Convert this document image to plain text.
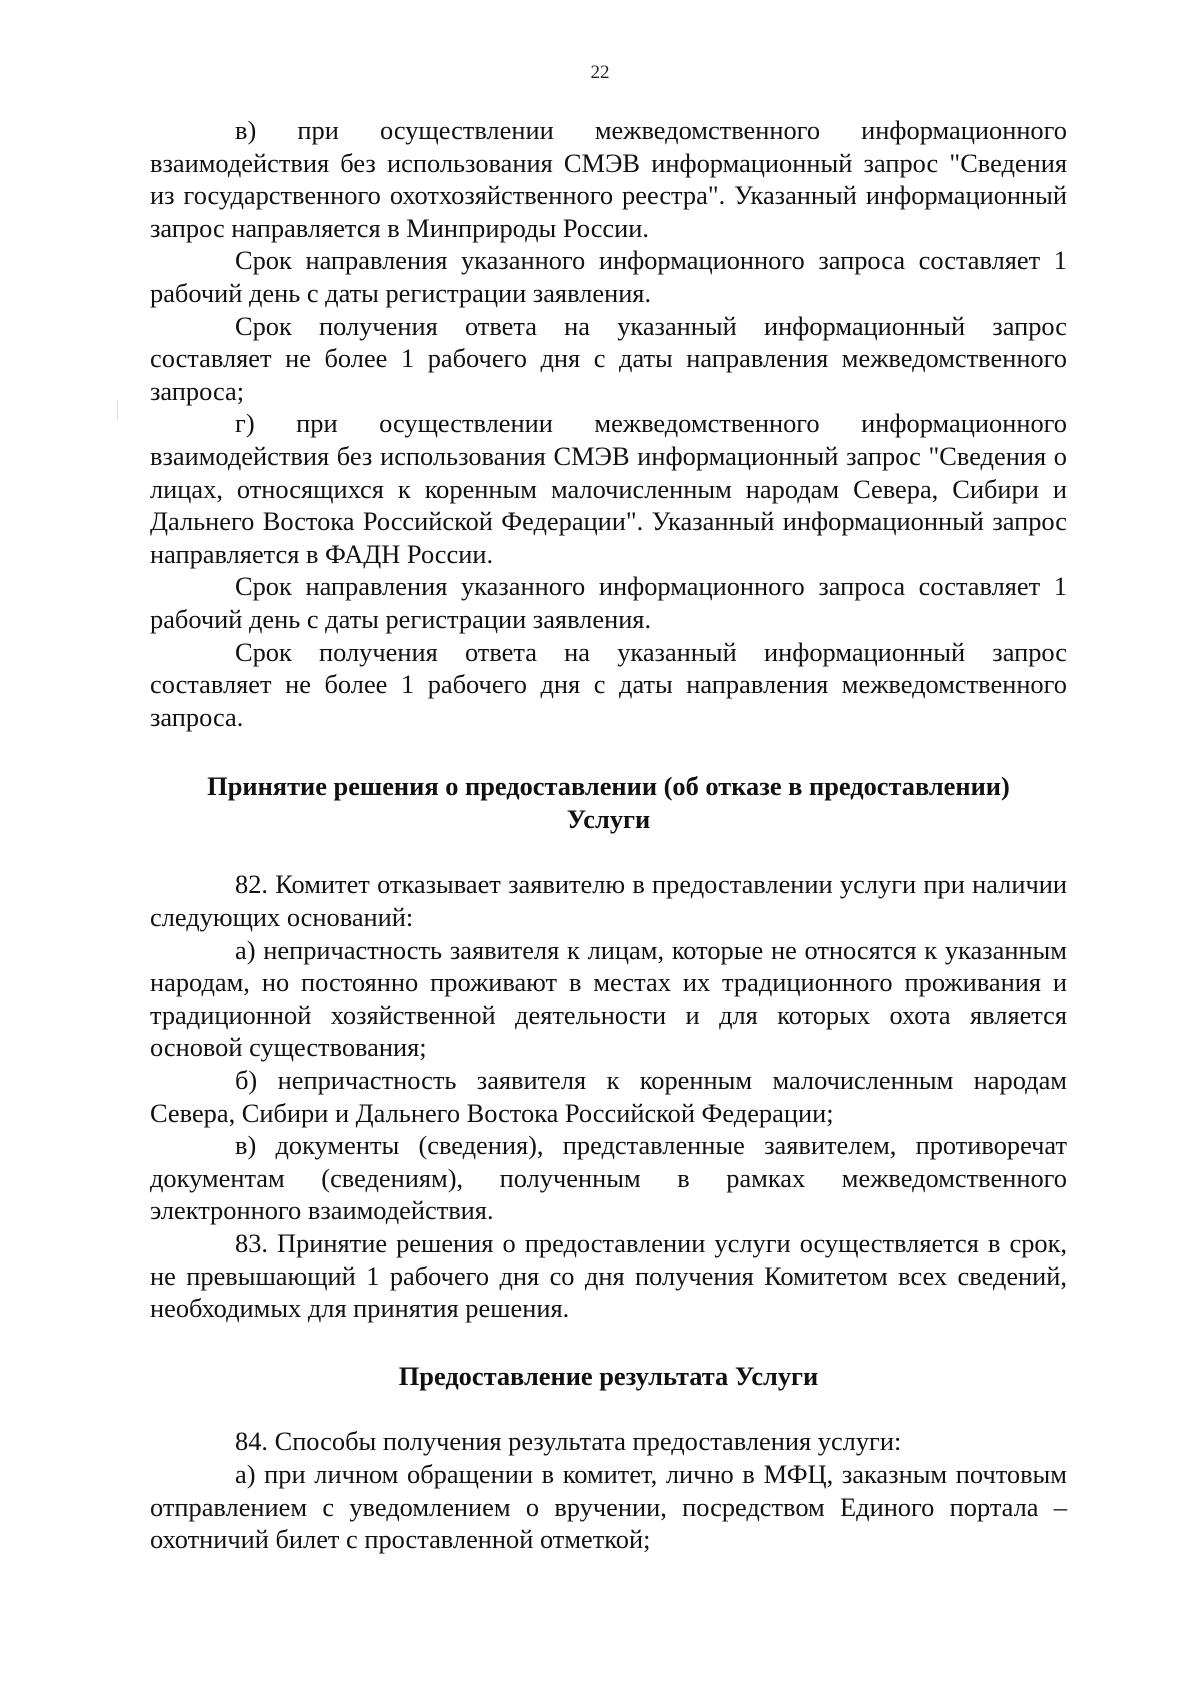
22

в) при осуществлении межведомственного информационного взаимодействия без использования СМЭВ информационный запрос "Сведения из государственного охотхозяйственного реестра". Указанный информационный запрос направляется в Минприроды России.

Срок направления указанного информационного запроса составляет 1 рабочий день с даты регистрации заявления.

Срок получения ответа на указанный информационный запрос составляет не более 1 рабочего дня с даты направления межведомственного запроса;

г) при осуществлении межведомственного информационного взаимодействия без использования СМЭВ информационный запрос "Сведения о лицах, относящихся к коренным малочисленным народам Севера, Сибири и Дальнего Востока Российской Федерации". Указанный информационный запрос направляется в ФАДН России.

Срок направления указанного информационного запроса составляет 1 рабочий день с даты регистрации заявления.

Срок получения ответа на указанный информационный запрос составляет не более 1 рабочего дня с даты направления межведомственного запроса.

Принятие решения о предоставлении (об отказе в предоставлении)
Услуги

82. Комитет отказывает заявителю в предоставлении услуги при наличии следующих оснований:

а) непричастность заявителя к лицам, которые не относятся к указанным народам, но постоянно проживают в местах их традиционного проживания и традиционной хозяйственной деятельности и для которых охота является основой существования;

б) непричастность заявителя к коренным малочисленным народам Севера, Сибири и Дальнего Востока Российской Федерации;

в) документы (сведения), представленные заявителем, противоречат документам (сведениям), полученным в рамках межведомственного электронного взаимодействия.

83. Принятие решения о предоставлении услуги осуществляется в срок, не превышающий 1 рабочего дня со дня получения Комитетом всех сведений, необходимых для принятия решения.

Предоставление результата Услуги

84. Способы получения результата предоставления услуги:

а) при личном обращении в комитет, лично в МФЦ, заказным почтовым отправлением с уведомлением о вручении, посредством Единого портала – охотничий билет с проставленной отметкой;
